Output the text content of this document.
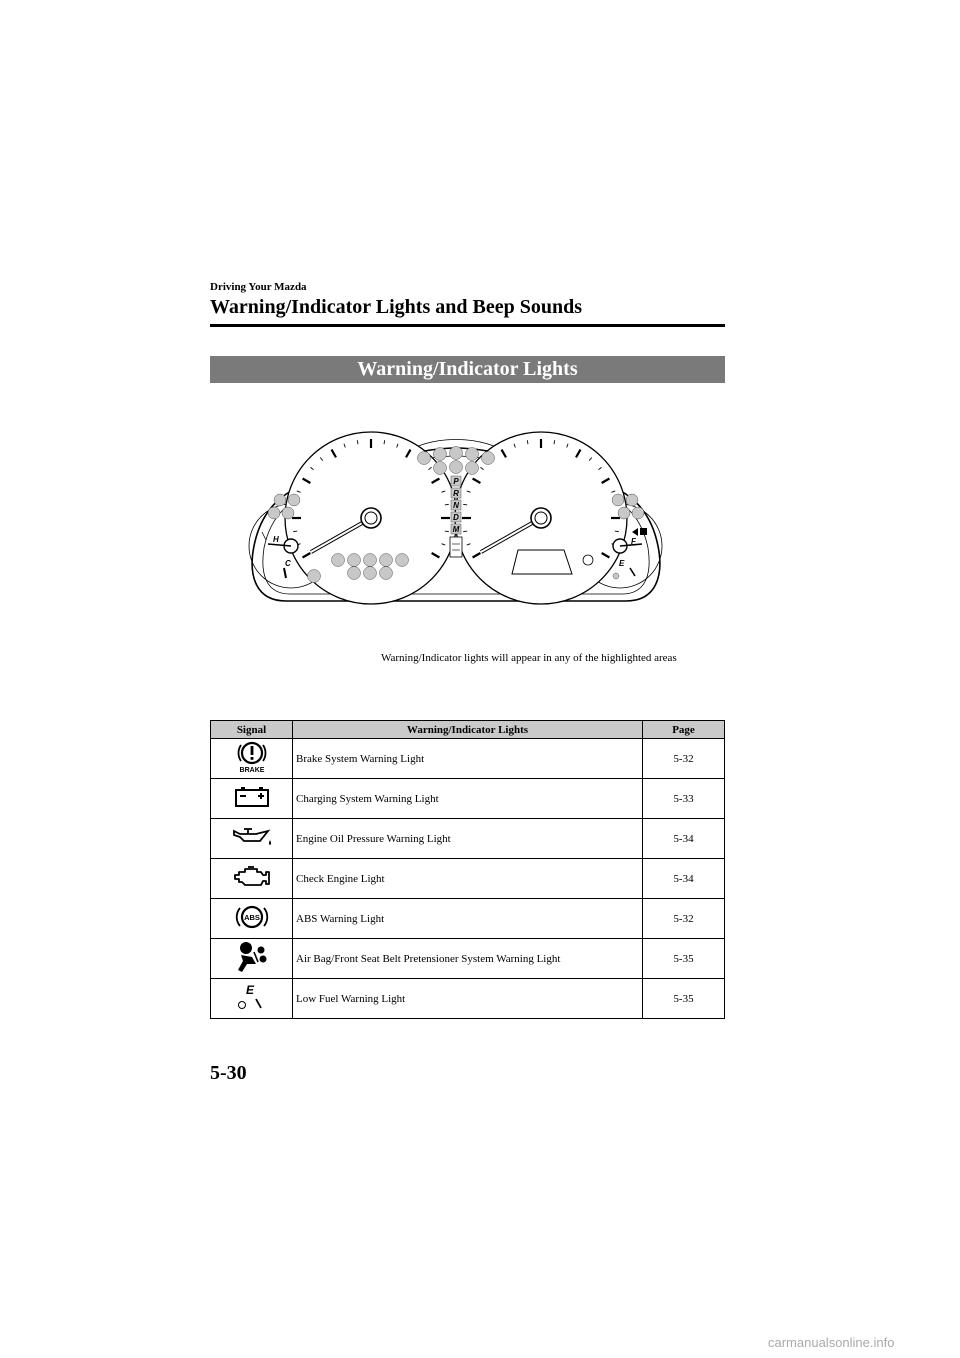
Driving Your Mazda
Warning/Indicator Lights and Beep Sounds
Warning/Indicator Lights
P
R
N
D
M
H
C
F
E
Warning/Indicator lights will appear in any of the highlighted areas
Signal	Warning/Indicator Lights	Page

BRAKE	Brake System Warning Light	5-32
	Charging System Warning Light	5-33
	Engine Oil Pressure Warning Light	5-34
	Check Engine Light	5-34

ABS	ABS Warning Light	5-32
	Air Bag/Front Seat Belt Pretensioner System Warning Light	5-35

E	Low Fuel Warning Light	5-35
5-30
carmanualsonline.info
